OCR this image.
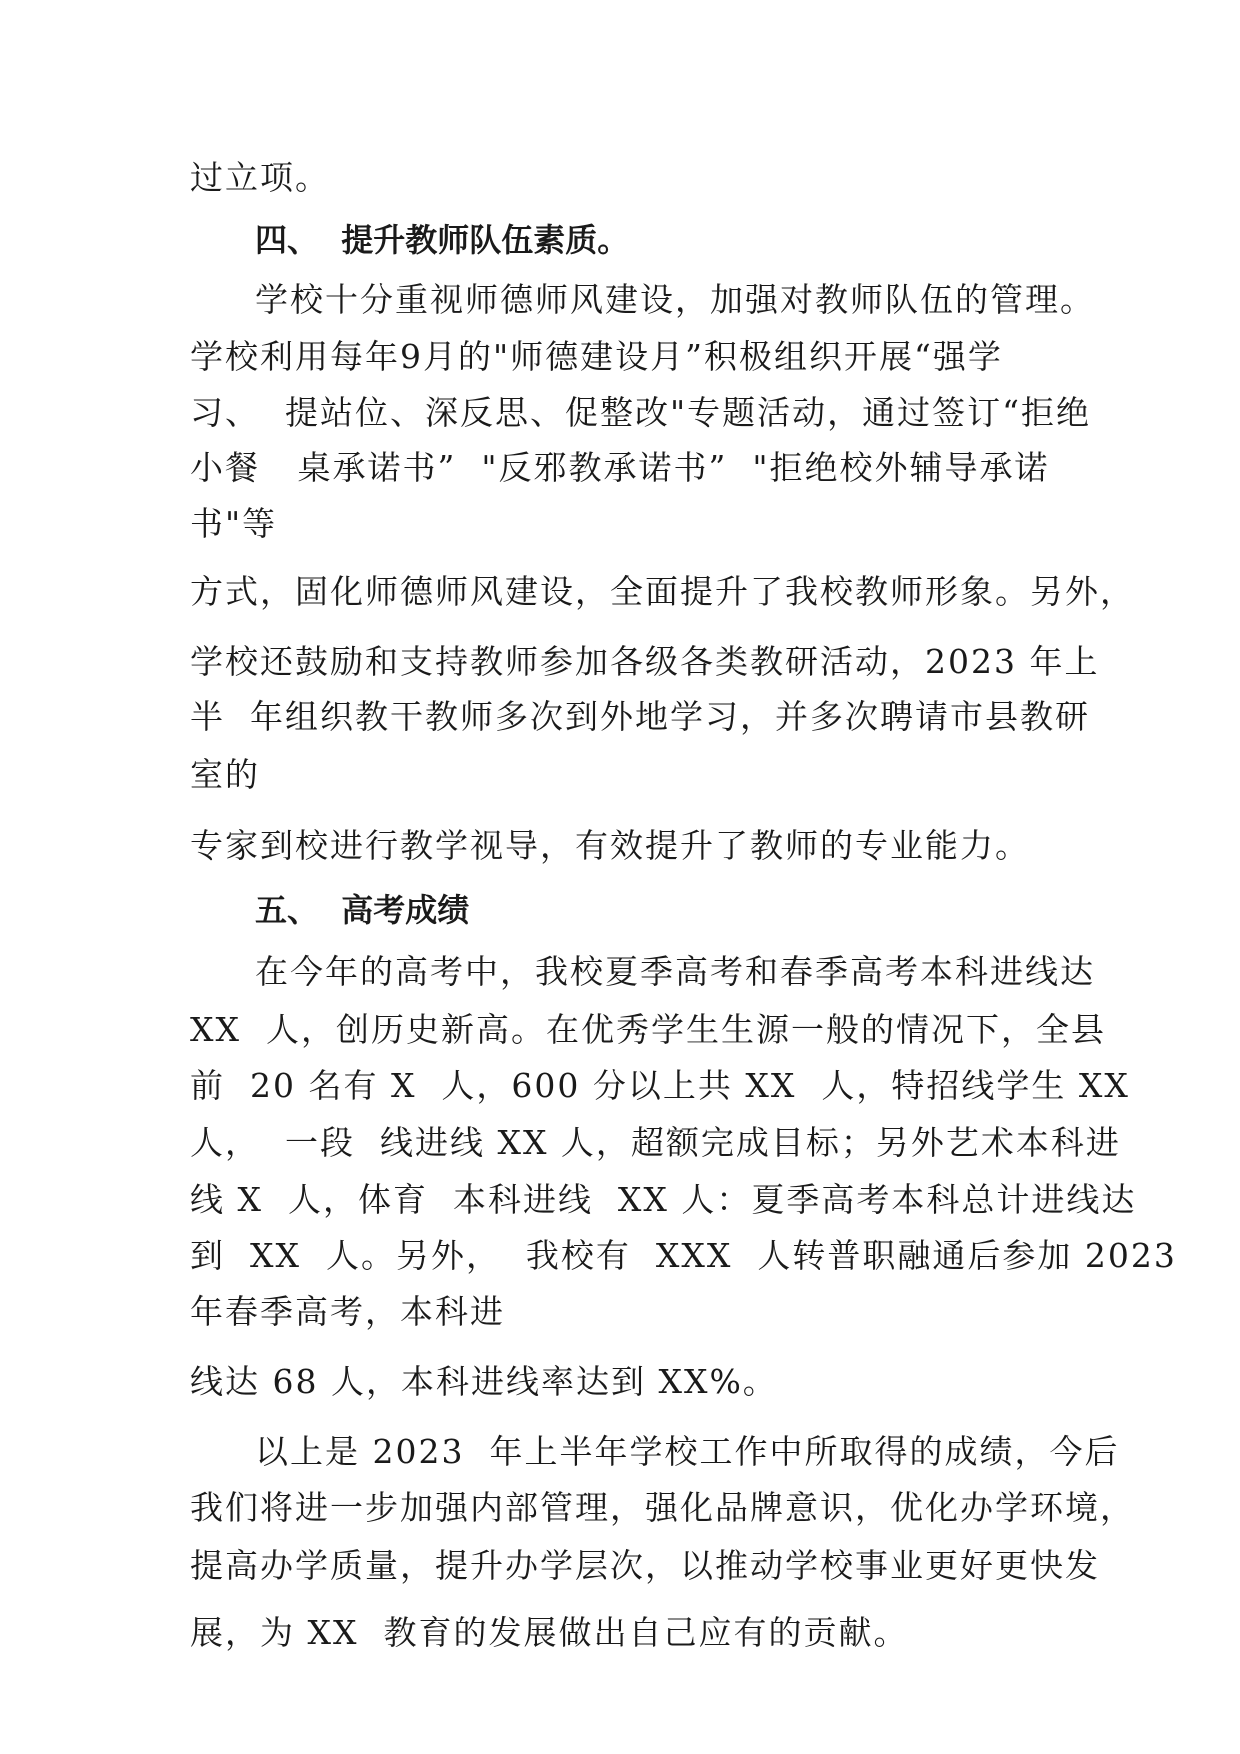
过立项。
四、  提升教师队伍素质。
学校十分重视师德师风建设，加强对教师队伍的管理。
学校利用每年9月的"师德建设月”积极组织开展“强学
习、  提站位、深反思、促整改"专题活动，通过签订“拒绝
小餐   桌承诺书”  "反邪教承诺书”  "拒绝校外辅导承诺
书"等
方式，固化师德师风建设，全面提升了我校教师形象。另外，
学校还鼓励和支持教师参加各级各类教研活动，2023 年上
半  年组织教干教师多次到外地学习，并多次聘请市县教研
室的
专家到校进行教学视导，有效提升了教师的专业能力。
五、  高考成绩
在今年的高考中，我校夏季高考和春季高考本科进线达
XX  人，创历史新高。在优秀学生生源一般的情况下，全县
前  20 名有 X  人，600 分以上共 XX  人，特招线学生 XX
人，  一段  线进线 XX 人，超额完成目标；另外艺术本科进
线 X  人，体育  本科进线  XX 人：夏季高考本科总计进线达
到  XX  人。另外，  我校有  XXX  人转普职融通后参加 2023
年春季高考，本科进
线达 68 人，本科进线率达到 XX%。
以上是 2023  年上半年学校工作中所取得的成绩，今后
我们将进一步加强内部管理，强化品牌意识，优化办学环境，
提高办学质量，提升办学层次，以推动学校事业更好更快发
展，为 XX  教育的发展做出自己应有的贡献。
